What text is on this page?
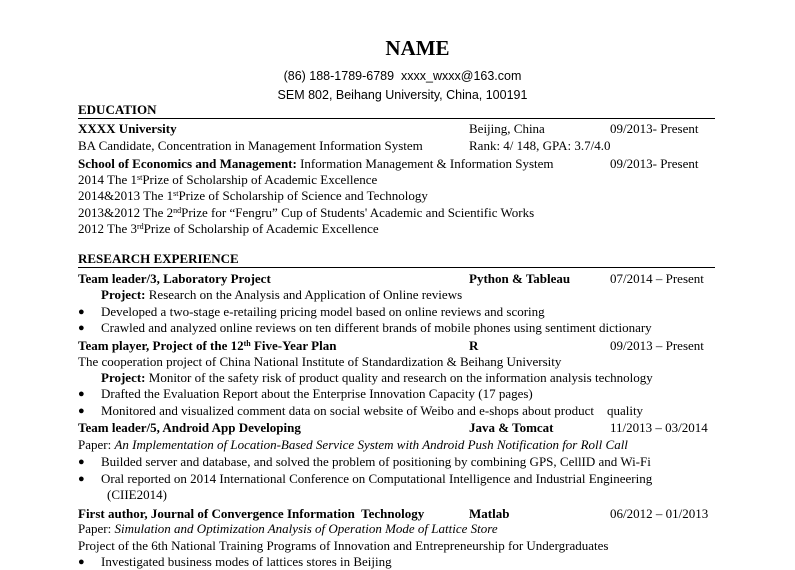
NAME
(86) 188-1789-6789 xxxx_wxxx@163.com
SEM 802, Beihang University, China, 100191
EDUCATION
XXXX University	Beijing, China	09/2013- Present
BA Candidate, Concentration in Management Information System	Rank: 4/ 148, GPA: 3.7/4.0
School of Economics and Management: Information Management & Information System	09/2013- Present
2014 The 1stPrize of Scholarship of Academic Excellence
2014&2013 The 1stPrize of Scholarship of Science and Technology
2013&2012 The 2ndPrize for “Fengru” Cup of Students' Academic and Scientific Works
2012 The 3rdPrize of Scholarship of Academic Excellence
RESEARCH EXPERIENCE
Team leader/3, Laboratory Project	Python & Tableau	07/2014 – Present
Project: Research on the Analysis and Application of Online reviews
● Developed a two-stage e-retailing pricing model based on online reviews and scoring
● Crawled and analyzed online reviews on ten different brands of mobile phones using sentiment dictionary
Team player, Project of the 12th Five-Year Plan	R	09/2013 – Present
The cooperation project of China National Institute of Standardization & Beihang University
Project: Monitor of the safety risk of product quality and research on the information analysis technology
● Drafted the Evaluation Report about the Enterprise Innovation Capacity (17 pages)
● Monitored and visualized comment data on social website of Weibo and e-shops about product    quality
Team leader/5, Android App Developing	Java & Tomcat	11/2013 – 03/2014
Paper: An Implementation of Location-Based Service System with Android Push Notification for Roll Call
● Builded server and database, and solved the problem of positioning by combining GPS, CellID and Wi-Fi
● Oral reported on 2014 International Conference on Computational Intelligence and Industrial Engineering
(CIIE2014)
First author, Journal of Convergence Information  Technology	Matlab	06/2012 – 01/2013
Paper: Simulation and Optimization Analysis of Operation Mode of Lattice Store
Project of the 6th National Training Programs of Innovation and Entrepreneurship for Undergraduates
● Investigated business modes of lattices stores in Beijing
